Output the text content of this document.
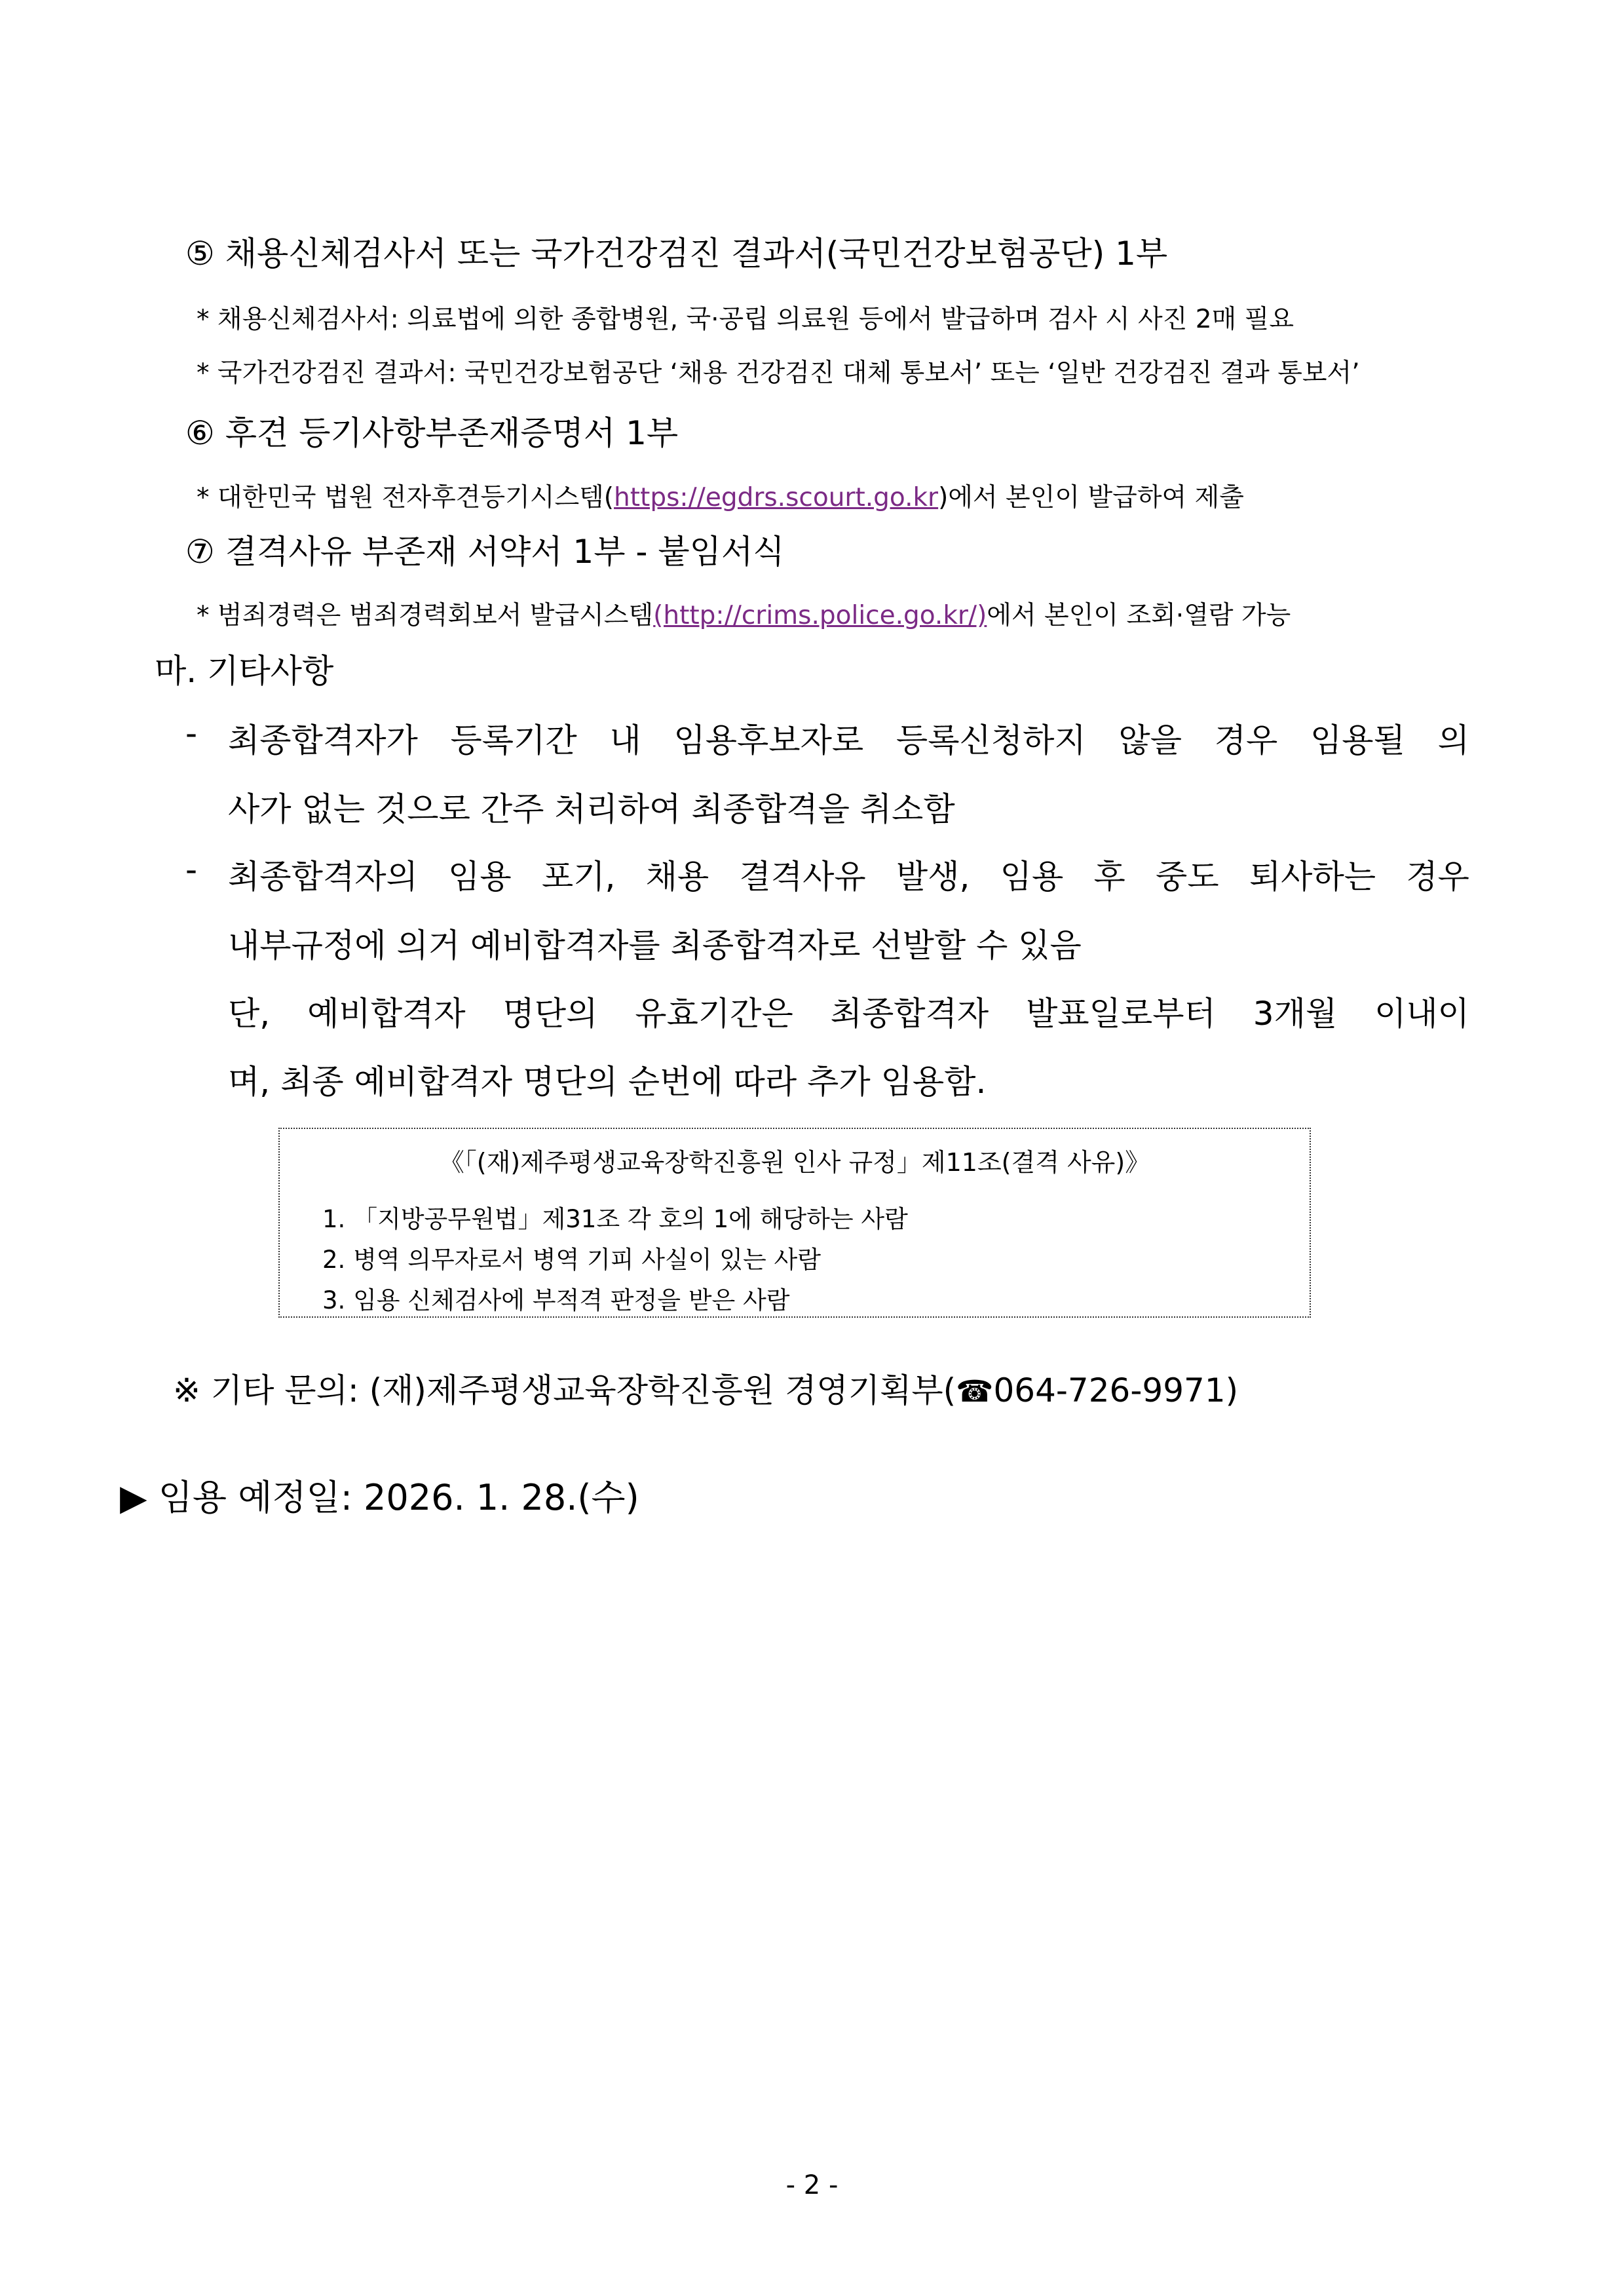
⑤ 채용신체검사서 또는 국가건강검진 결과서(국민건강보험공단) 1부
* 채용신체검사서: 의료법에 의한 종합병원, 국·공립 의료원 등에서 발급하며 검사 시 사진 2매 필요
* 국가건강검진 결과서: 국민건강보험공단 ‘채용 건강검진 대체 통보서’ 또는 ‘일반 건강검진 결과 통보서’
⑥ 후견 등기사항부존재증명서 1부
* 대한민국 법원 전자후견등기시스템(https://egdrs.scourt.go.kr)에서 본인이 발급하여 제출
⑦ 결격사유 부존재 서약서 1부 - 붙임서식
* 범죄경력은 범죄경력회보서 발급시스템(http://crims.police.go.kr/)에서 본인이 조회·열람 가능
마. 기타사항
- 최종합격자가 등록기간 내 임용후보자로 등록신청하지 않을 경우 임용될 의
사가 없는 것으로 간주 처리하여 최종합격을 취소함
- 최종합격자의 임용 포기, 채용 결격사유 발생, 임용 후 중도 퇴사하는 경우
내부규정에 의거 예비합격자를 최종합격자로 선발할 수 있음
단, 예비합격자 명단의 유효기간은 최종합격자 발표일로부터 3개월 이내이
며, 최종 예비합격자 명단의 순번에 따라 추가 임용함.
《「(재)제주평생교육장학진흥원 인사 규정」제11조(결격 사유)》
1. 「지방공무원법」제31조 각 호의 1에 해당하는 사람
2. 병역 의무자로서 병역 기피 사실이 있는 사람
3. 임용 신체검사에 부적격 판정을 받은 사람
※ 기타 문의: (재)제주평생교육장학진흥원 경영기획부(☎064-726-9971)
▶ 임용 예정일: 2026. 1. 28.(수)
- 2 -
